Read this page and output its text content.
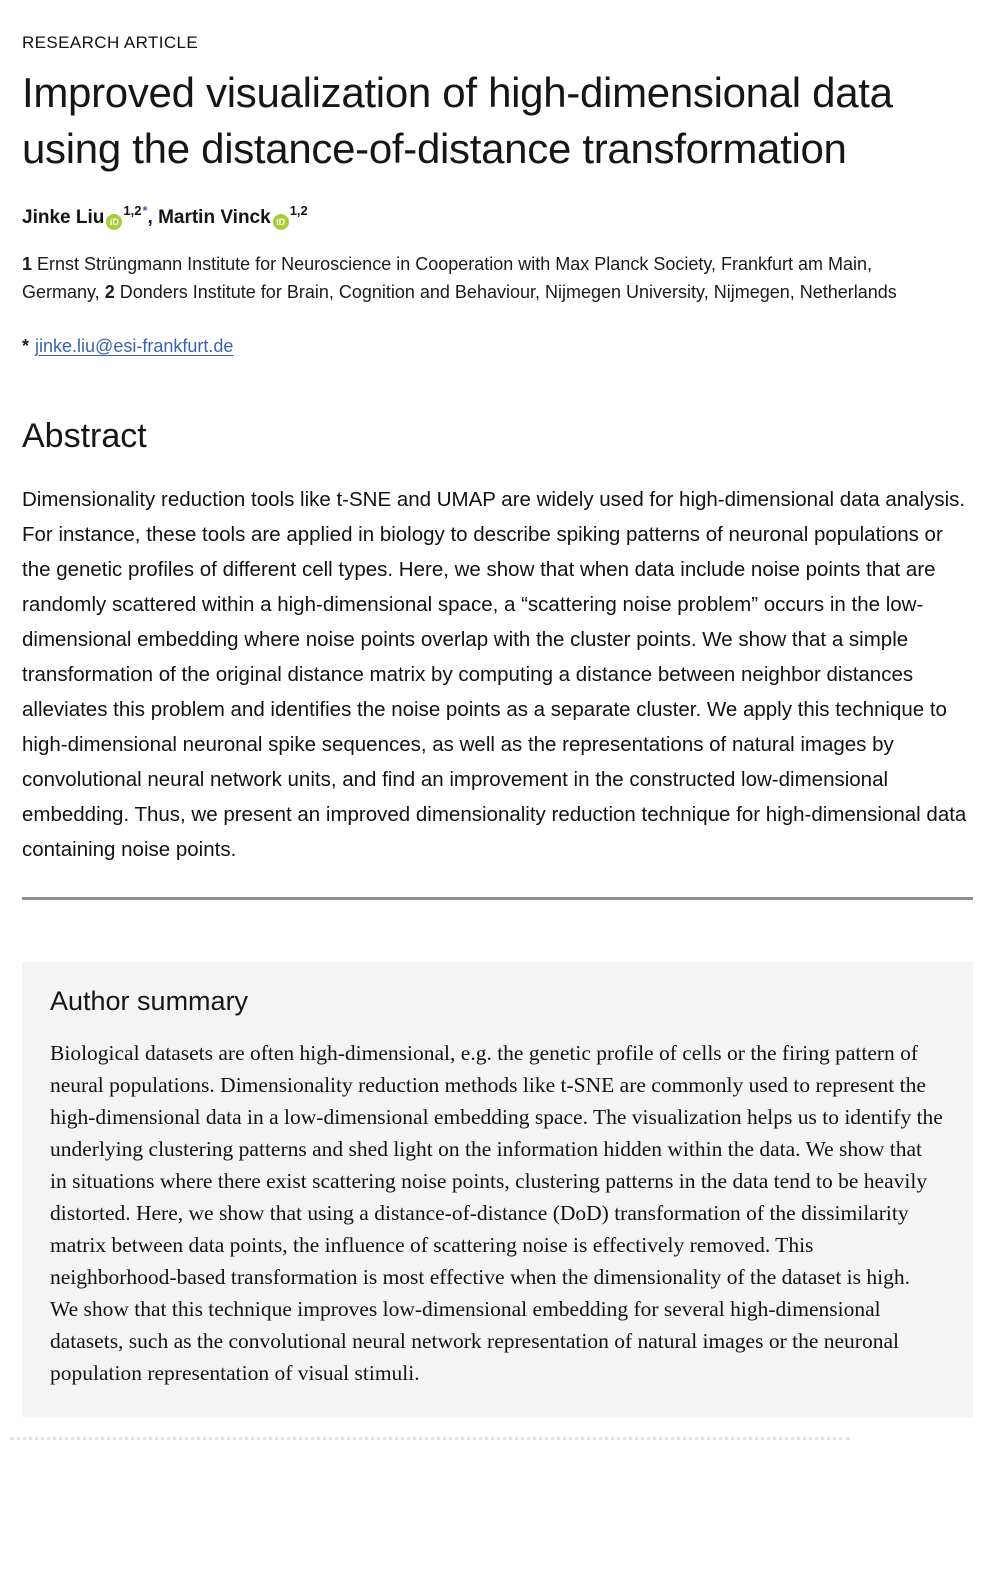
RESEARCH ARTICLE
Improved visualization of high-dimensional data using the distance-of-distance transformation
Jinke Liu $iD^{1,2*}$, Martin Vinck iD$^{1,2}$

1 Ernst Strüngmann Institute for Neuroscience in Cooperation with Max Planck Society, Frankfurt am Main, Germany, 2 Donders Institute for Brain, Cognition and Behaviour, Nijmegen University, Nijmegen, Netherlands

* jinke.liu@esi-frankfurt.de

Abstract

Dimensionality reduction tools like t-SNE and UMAP are widely used for high-dimensional data analysis. For instance, these tools are applied in biology to describe spiking patterns of neuronal populations or the genetic profiles of different cell types. Here, we show that when data include noise points that are randomly scattered within a high-dimensional space, a “scattering noise problem” occurs in the low-dimensional embedding where noise points overlap with the cluster points. We show that a simple transformation of the original distance matrix by computing a distance between neighbor distances alleviates this problem and identifies the noise points as a separate cluster. We apply this technique to high-dimensional neuronal spike sequences, as well as the representations of natural images by convolutional neural network units, and find an improvement in the constructed low-dimensional embedding. Thus, we present an improved dimensionality reduction technique for high-dimensional data containing noise points.

Author summary

Biological datasets are often high-dimensional, e.g. the genetic profile of cells or the firing pattern of neural populations. Dimensionality reduction methods like t-SNE are commonly used to represent the high-dimensional data in a low-dimensional embedding space. The visualization helps us to identify the underlying clustering patterns and shed light on the information hidden within the data. We show that in situations where there exist scattering noise points, clustering patterns in the data tend to be heavily distorted. Here, we show that using a distance-of-distance (DoD) transformation of the dissimilarity matrix between data points, the influence of scattering noise is effectively removed. This neighborhood-based transformation is most effective when the dimensionality of the dataset is high. We show that this technique improves low-dimensional embedding for several high-dimensional datasets, such as the convolutional neural network representation of natural images or the neuronal population representation of visual stimuli.
